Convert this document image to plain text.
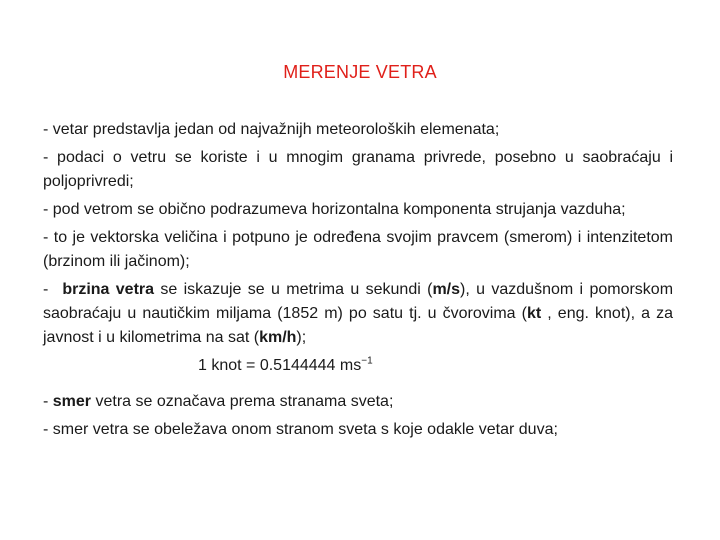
MERENJE VETRA

- vetar predstavlja jedan od najvažnijh meteoroloških elemenata;

- podaci o vetru se koriste i u mnogim granama privrede, posebno u saobraćaju i poljoprivredi;

- pod vetrom se obično podrazumeva horizontalna komponenta strujanja vazduha;

- to je vektorska veličina i potpuno je određena svojim pravcem (smerom) i intenzitetom (brzinom ili jačinom);

- brzina vetra se iskazuje se u metrima u sekundi (m/s), u vazdušnom i pomorskom saobraćaju u nautičkim miljama (1852 m) po satu tj. u čvorovima (kt , eng. knot), a za javnost i u kilometrima na sat (km/h);

1 knot = 0.5144444 $ms^{-1}$

- smer vetra se označava prema stranama sveta;

- smer vetra se obeležava onom stranom sveta s koje odakle vetar duva;
